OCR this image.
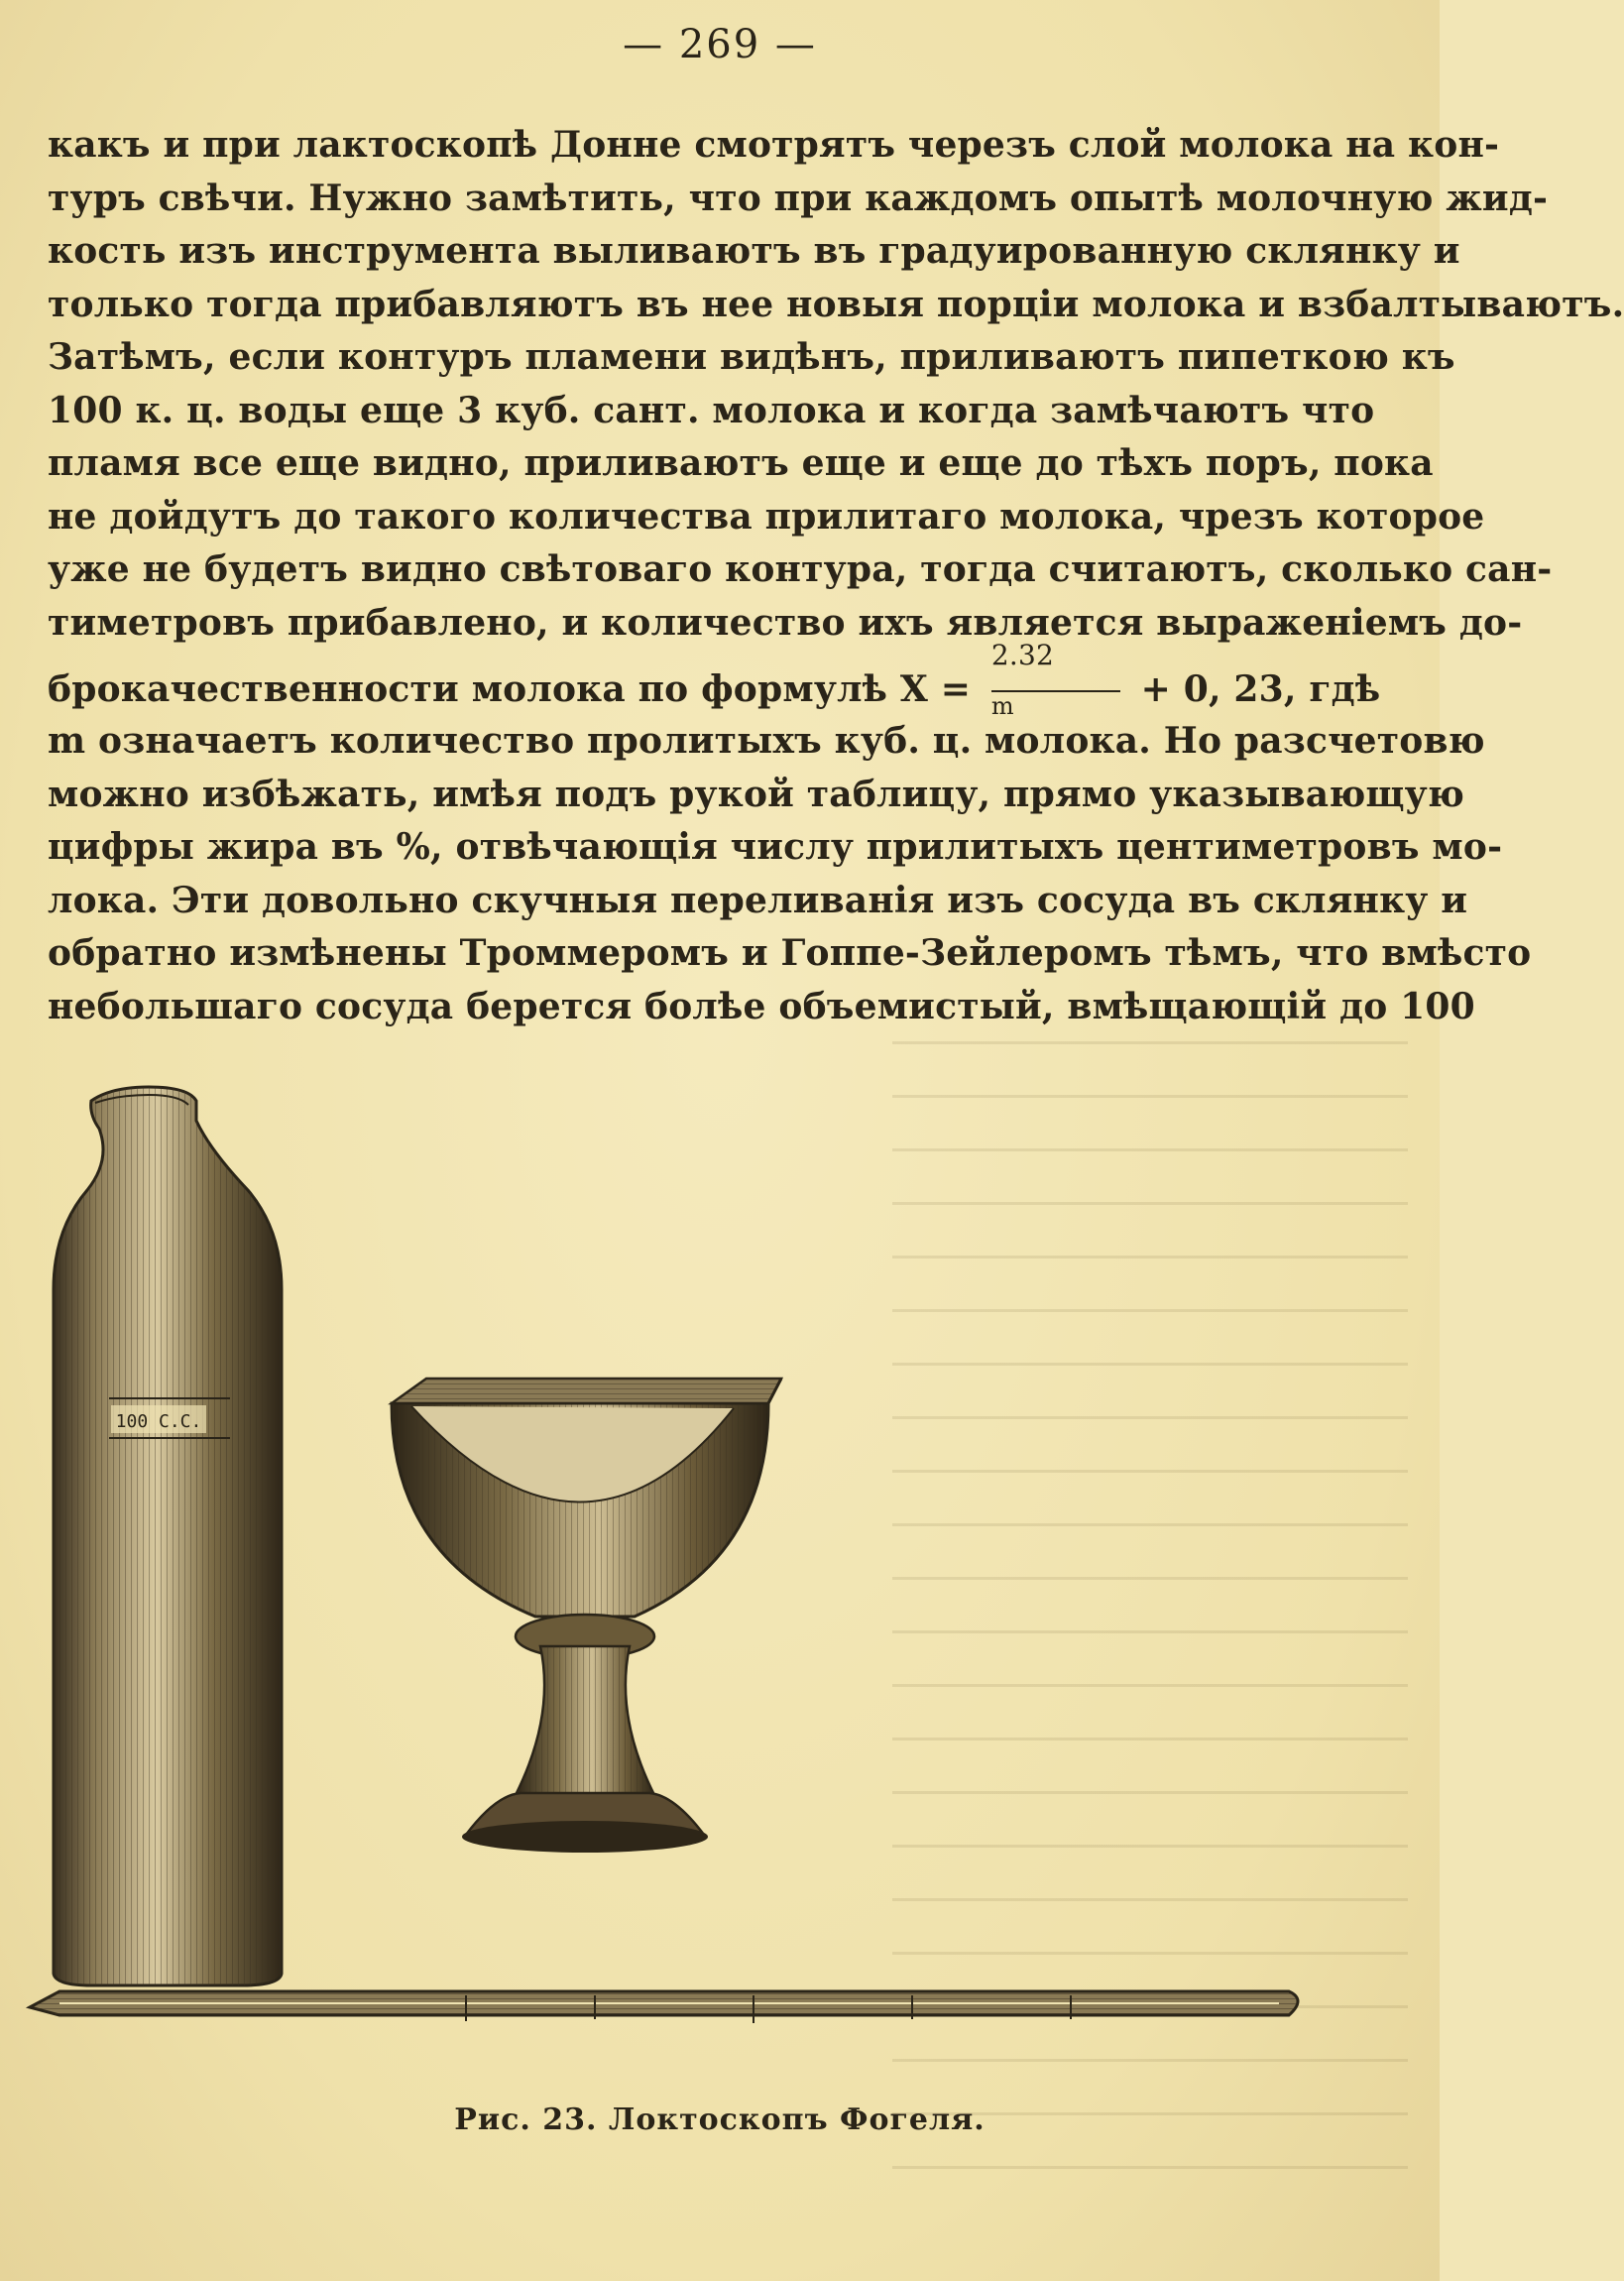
— 269 —
какъ и при лактоскопѣ Донне смотрятъ черезъ слой молока на кон-
туръ свѣчи. Нужно замѣтить, что при каждомъ опытѣ молочную жид-
кость изъ инструмента выливаютъ въ градуированную склянку и
только тогда прибавляютъ въ нее новыя порцiи молока и взбалтываютъ.
Затѣмъ, если контуръ пламени видѣнъ, приливаютъ пипеткою къ
100 к. ц. воды еще 3 куб. сант. молока и когда замѣчаютъ что
пламя все еще видно, приливаютъ еще и еще до тѣхъ поръ, пока
не дойдутъ до такого количества прилитаго молока, чрезъ которое
уже не будетъ видно свѣтоваго контура, тогда считаютъ, сколько сан-
тиметровъ прибавлено, и количество ихъ является выраженiемъ до-
брокачественности молока по формулѣ $X = \frac{2.32}{m} + 0$, 23, гдѣ
m означаетъ количество пролитыхъ куб. ц. молока. Но разсчетовю
можно избѣжать, имѣя подъ рукой таблицу, прямо указывающую
цифры жира въ %, отвѣчающiя числу прилитыхъ центиметровъ мо-
лока. Эти довольно скучныя переливанiя изъ сосуда въ склянку и
обратно измѣнены Троммеромъ и Гоппе-Зейлеромъ тѣмъ, что вмѣсто
небольшаго сосуда берется болѣе объемистый, вмѣщающiй до 100
100 C.C.
Рис. 23. Локтоскопъ Фогеля.
